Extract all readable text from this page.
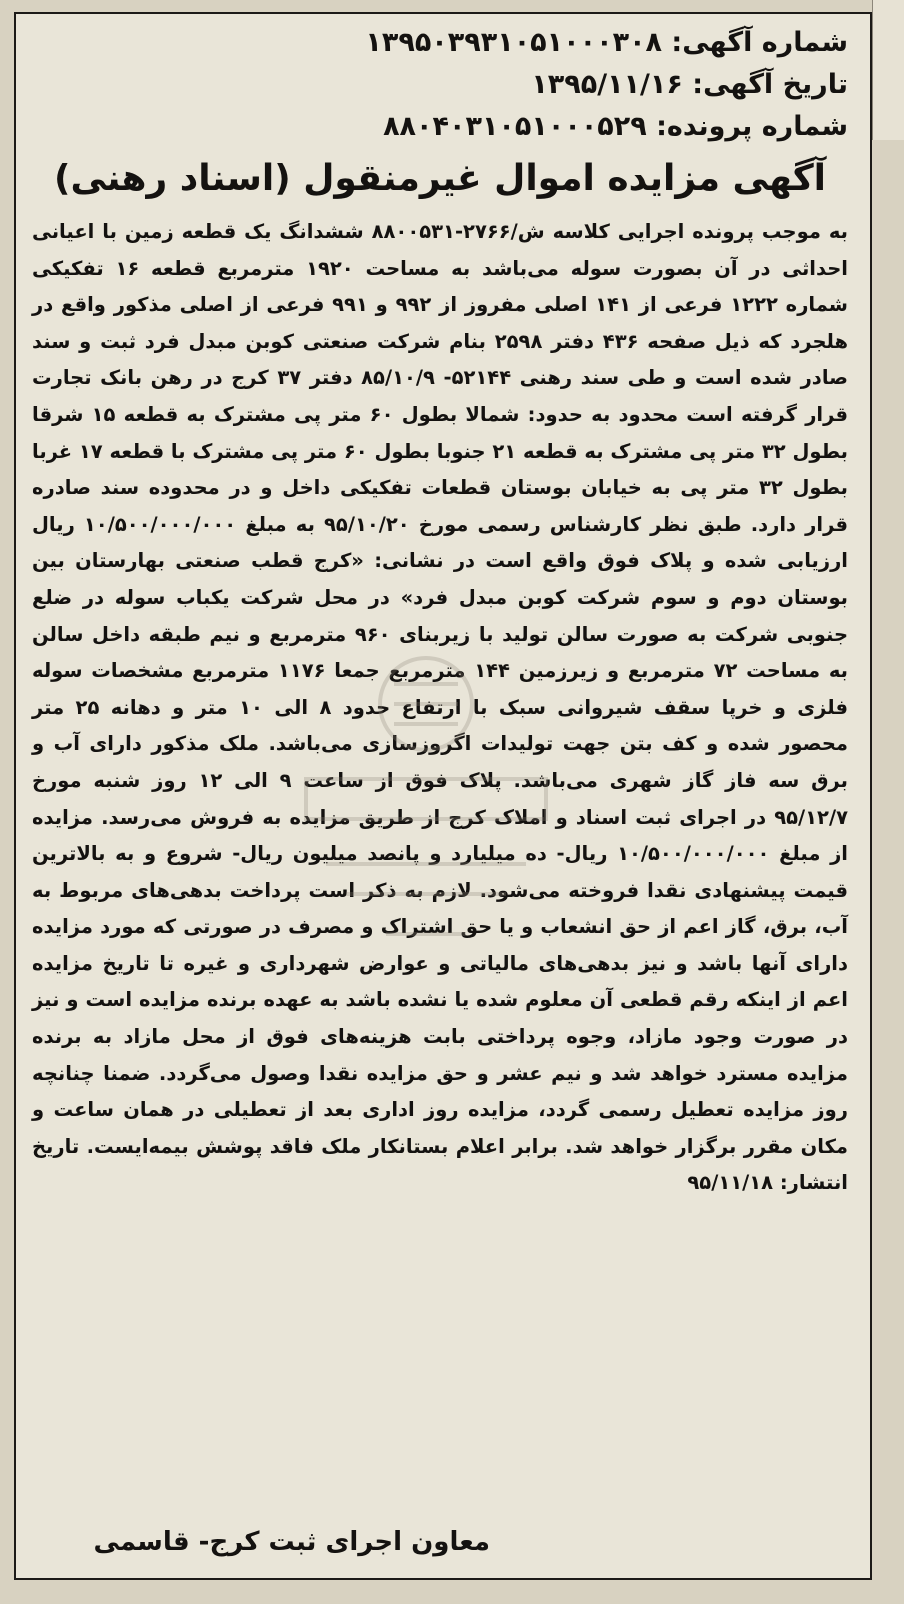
شماره آگهی: ۱۳۹۵۰۳۹۳۱۰۵۱۰۰۰۳۰۸
تاریخ آگهی: ۱۳۹۵/۱۱/۱۶
شماره پرونده: ۸۸۰۴۰۳۱۰۵۱۰۰۰۵۲۹
آگهی مزایده اموال غیرمنقول (اسناد رهنی)

به موجب پرونده اجرایی کلاسه ش/۲۷۶۶-۸۸۰۰۵۳۱ ششدانگ یک قطعه زمین با اعیانی احداثی در آن بصورت سوله می‌باشد به مساحت ۱۹۲۰ مترمربع قطعه ۱۶ تفکیکی شماره ۱۲۲۲ فرعی از ۱۴۱ اصلی مفروز از ۹۹۲ و ۹۹۱ فرعی از اصلی مذکور واقع در هلجرد که ذیل صفحه ۴۳۶ دفتر ۲۵۹۸ بنام شرکت صنعتی کوبن مبدل فرد ثبت و سند صادر شده است و طی سند رهنی ۵۲۱۴۴- ۸۵/۱۰/۹ دفتر ۳۷ کرج در رهن بانک تجارت قرار گرفته است محدود به حدود: شمالا بطول ۶۰ متر پی مشترک به قطعه ۱۵ شرقا بطول ۳۲ متر پی مشترک به قطعه ۲۱ جنوبا بطول ۶۰ متر پی مشترک با قطعه ۱۷ غربا بطول ۳۲ متر پی به خیابان بوستان قطعات تفکیکی داخل و در محدوده سند صادره قرار دارد. طبق نظر کارشناس رسمی مورخ ۹۵/۱۰/۲۰ به مبلغ ۱۰/۵۰۰/۰۰۰/۰۰۰ ریال ارزیابی شده و پلاک فوق واقع است در نشانی: «کرج قطب صنعتی بهارستان بین بوستان دوم و سوم شرکت کوبن مبدل فرد» در محل شرکت یکباب سوله در ضلع جنوبی شرکت به صورت سالن تولید با زیربنای ۹۶۰ مترمربع و نیم طبقه داخل سالن به مساحت ۷۲ مترمربع و زیرزمین ۱۴۴ مترمربع جمعا ۱۱۷۶ مترمربع مشخصات سوله فلزی و خرپا سقف شیروانی سبک با ارتفاع حدود ۸ الی ۱۰ متر و دهانه ۲۵ متر محصور شده و کف بتن جهت تولیدات اگروزسازی می‌باشد. ملک مذکور دارای آب و برق سه فاز گاز شهری می‌باشد. پلاک فوق از ساعت ۹ الی ۱۲ روز شنبه مورخ ۹۵/۱۲/۷ در اجرای ثبت اسناد و املاک کرج از طریق مزایده به فروش می‌رسد. مزایده از مبلغ ۱۰/۵۰۰/۰۰۰/۰۰۰ ریال- ده میلیارد و پانصد میلیون ریال- شروع و به بالاترین قیمت پیشنهادی نقدا فروخته می‌شود. لازم به ذکر است پرداخت بدهی‌های مربوط به آب، برق، گاز اعم از حق انشعاب و یا حق اشتراک و مصرف در صورتی که مورد مزایده دارای آنها باشد و نیز بدهی‌های مالیاتی و عوارض شهرداری و غیره تا تاریخ مزایده اعم از اینکه رقم قطعی آن معلوم شده یا نشده باشد به عهده برنده مزایده است و نیز در صورت وجود مازاد، وجوه پرداختی بابت هزینه‌های فوق از محل مازاد به برنده مزایده مسترد خواهد شد و نیم عشر و حق مزایده نقدا وصول می‌گردد. ضمنا چنانچه روز مزایده تعطیل رسمی گردد، مزایده روز اداری بعد از تعطیلی در همان ساعت و مکان مقرر برگزار خواهد شد. برابر اعلام بستانکار ملک فاقد پوشش بیمه‌ایست. تاریخ انتشار: ۹۵/۱۱/۱۸

معاون اجرای ثبت کرج- قاسمی
